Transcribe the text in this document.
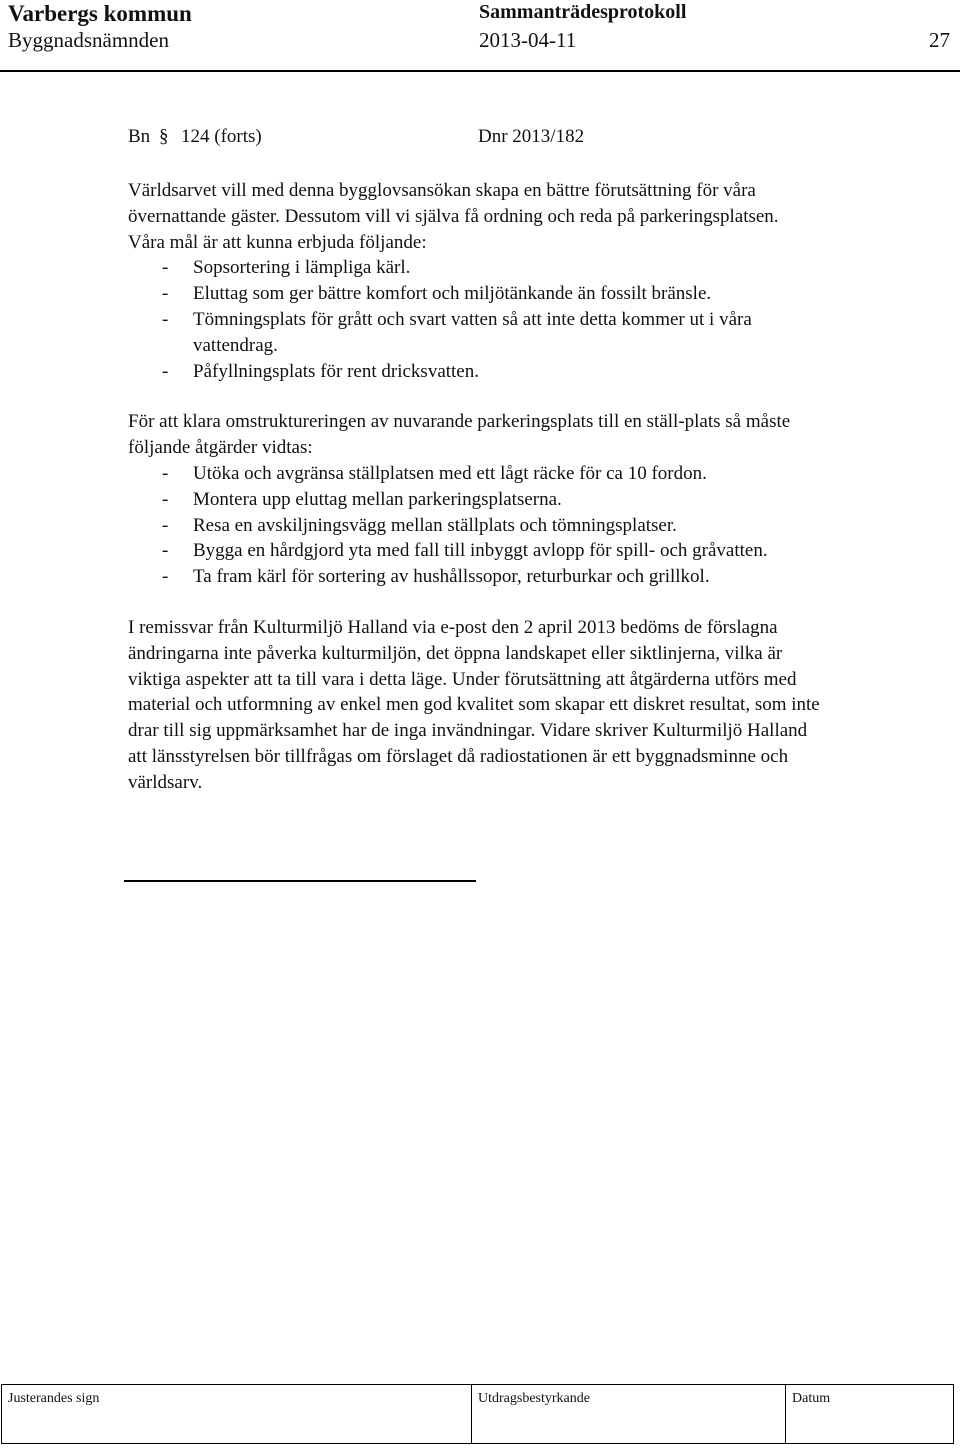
Varbergs kommun	Sammanträdesprotokoll
Byggnadsnämnden	2013-04-11	27
Bn § 124 (forts)	Dnr 2013/182

Världsarvet vill med denna bygglovsansökan skapa en bättre förutsättning för våra övernattande gäster. Dessutom vill vi själva få ordning och reda på parkeringsplatsen.

Våra mål är att kunna erbjuda följande:

- Sopsortering i lämpliga kärl.
- Eluttag som ger bättre komfort och miljötänkande än fossilt bränsle.
- Tömningsplats för grått och svart vatten så att inte detta kommer ut i våra vattendrag.
- Påfyllningsplats för rent dricksvatten.

För att klara omstruktureringen av nuvarande parkeringsplats till en ställ-plats så måste följande åtgärder vidtas:

- Utöka och avgränsa ställplatsen med ett lågt räcke för ca 10 fordon.
- Montera upp eluttag mellan parkeringsplatserna.
- Resa en avskiljningsvägg mellan ställplats och tömningsplatser.
- Bygga en hårdgjord yta med fall till inbyggt avlopp för spill- och gråvatten.
- Ta fram kärl för sortering av hushållssopor, returburkar och grillkol.

I remissvar från Kulturmiljö Halland via e-post den 2 april 2013 bedöms de förslagna ändringarna inte påverka kulturmiljön, det öppna landskapet eller siktlinjerna, vilka är viktiga aspekter att ta till vara i detta läge. Under förutsättning att åtgärderna utförs med material och utformning av enkel men god kvalitet som skapar ett diskret resultat, som inte drar till sig uppmärksamhet har de inga invändningar. Vidare skriver Kulturmiljö Halland att länsstyrelsen bör tillfrågas om förslaget då radiostationen är ett byggnadsminne och världsarv.

Justerandes sign	Utdragsbestyrkande	Datum
